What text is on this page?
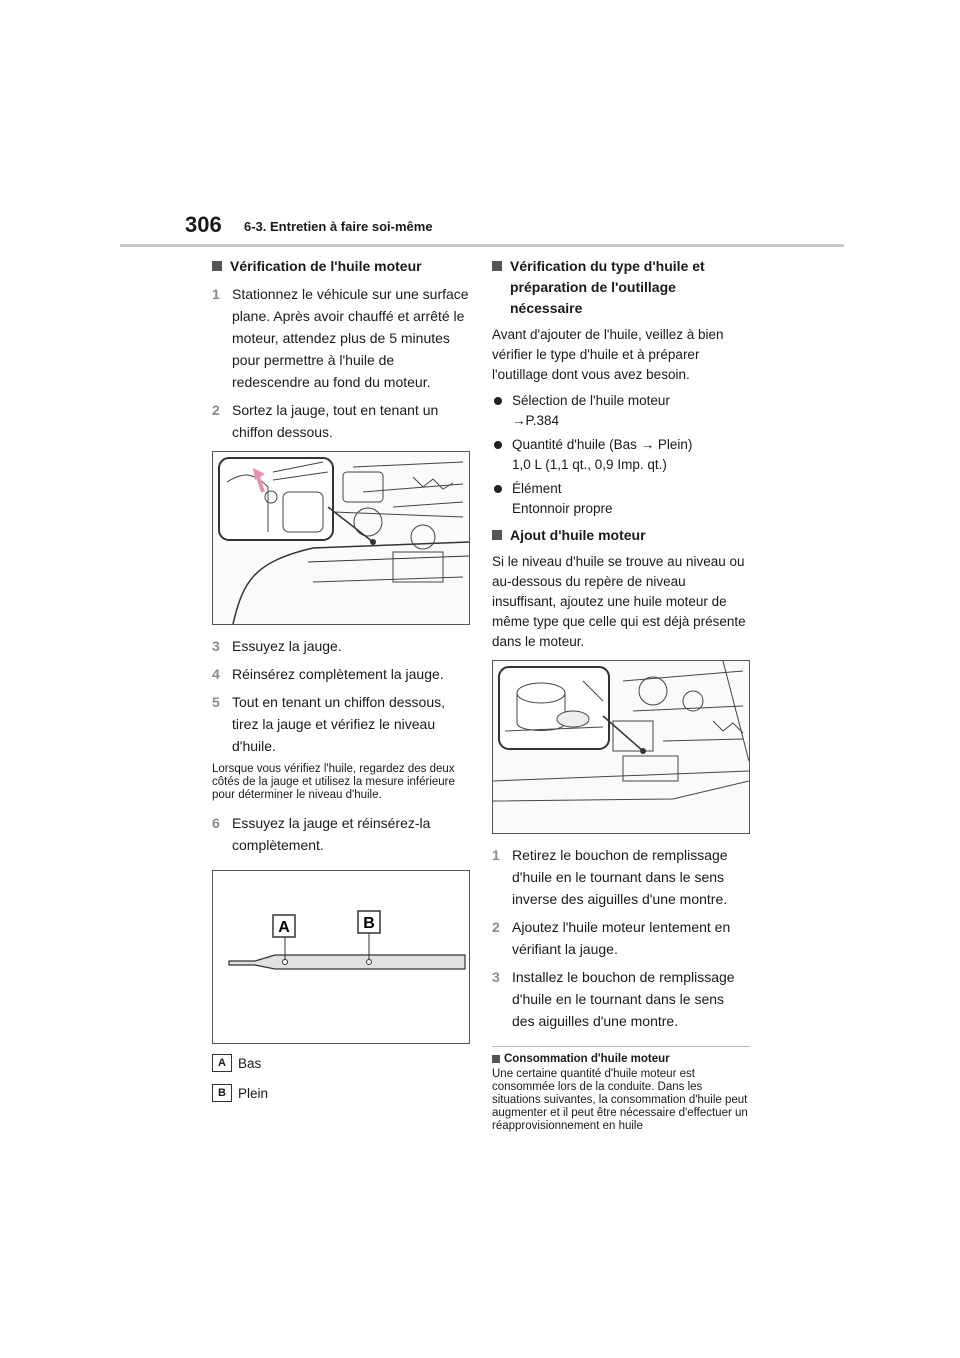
306 6-3. Entretien à faire soi-même
Vérification de l'huile moteur
1 Stationnez le véhicule sur une surface plane. Après avoir chauffé et arrêté le moteur, attendez plus de 5 minutes pour permettre à l'huile de redescendre au fond du moteur.
2 Sortez la jauge, tout en tenant un chiffon dessous.
3 Essuyez la jauge.
4 Réinsérez complètement la jauge.
5 Tout en tenant un chiffon dessous, tirez la jauge et vérifiez le niveau d'huile.
Lorsque vous vérifiez l'huile, regardez des deux côtés de la jauge et utilisez la mesure inférieure pour déterminer le niveau d'huile.
6 Essuyez la jauge et réinsérez-la complètement.
A	B
A Bas
B Plein
Vérification du type d'huile et préparation de l'outillage nécessaire
Avant d'ajouter de l'huile, veillez à bien vérifier le type d'huile et à préparer l'outillage dont vous avez besoin.
Sélection de l'huile moteur
→P.384
Quantité d'huile (Bas → Plein)
1,0 L (1,1 qt., 0,9 Imp. qt.)
Élément
Entonnoir propre
Ajout d'huile moteur
Si le niveau d'huile se trouve au niveau ou au-dessous du repère de niveau insuffisant, ajoutez une huile moteur de même type que celle qui est déjà présente dans le moteur.
1 Retirez le bouchon de remplissage d'huile en le tournant dans le sens inverse des aiguilles d'une montre.
2 Ajoutez l'huile moteur lentement en vérifiant la jauge.
3 Installez le bouchon de remplissage d'huile en le tournant dans le sens des aiguilles d'une montre.
Consommation d'huile moteur
Une certaine quantité d'huile moteur est consommée lors de la conduite. Dans les situations suivantes, la consommation d'huile peut augmenter et il peut être nécessaire d'effectuer un réapprovisionnement en huile
